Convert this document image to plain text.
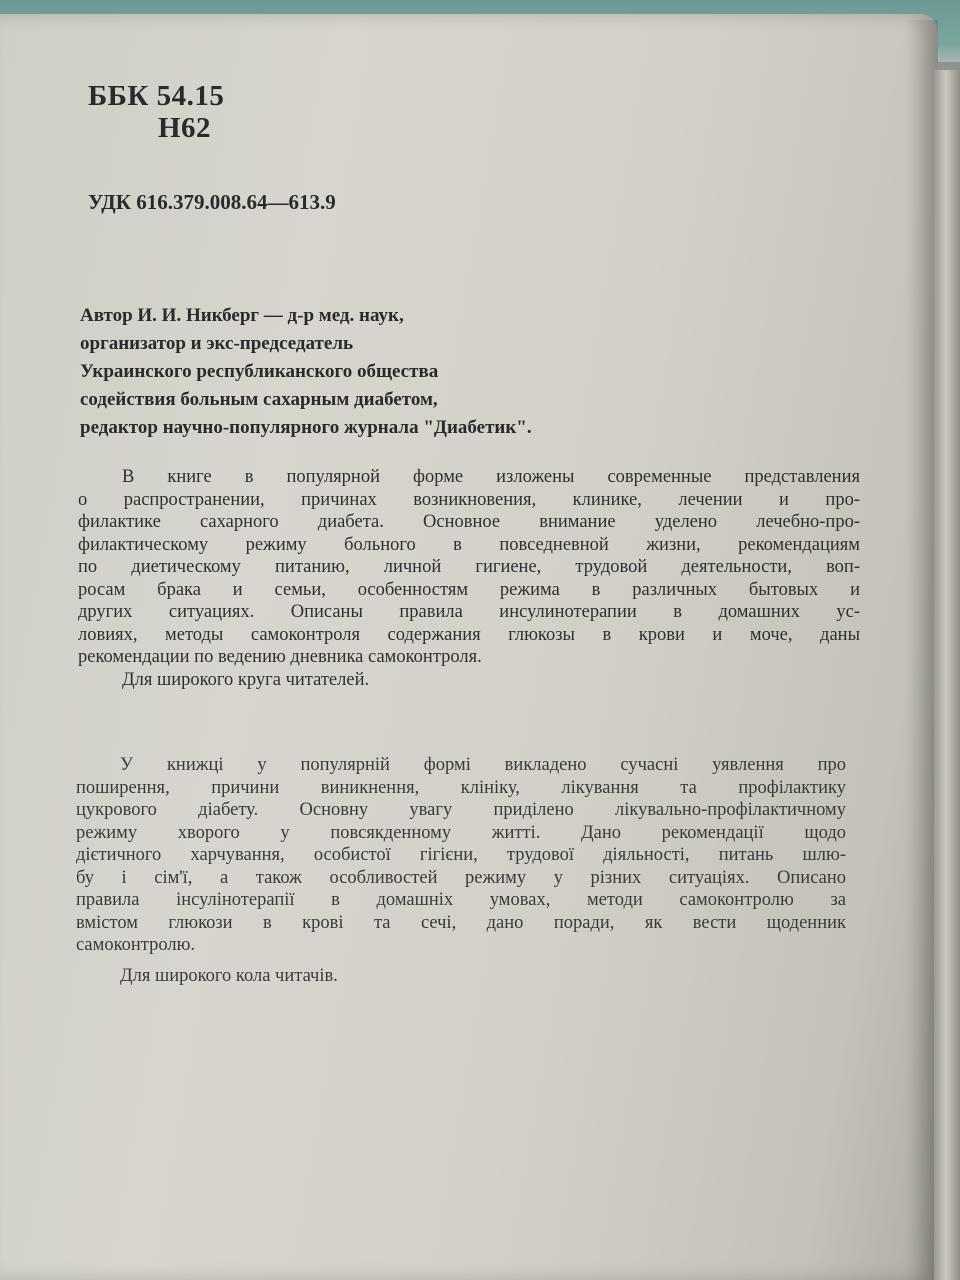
ББК 54.15

Н62

УДК 616.379.008.64—613.9

Автор И. И. Никберг — д-р мед. наук,
организатор и экс-председатель
Украинского республиканского общества
содействия больным сахарным диабетом,
редактор научно-популярного журнала "Диабетик".
В книге в популярной форме изложены современные представления
о распространении, причинах возникновения, клинике, лечении и про-
филактике сахарного диабета. Основное внимание уделено лечебно-про-
филактическому режиму больного в повседневной жизни, рекомендациям
по диетическому питанию, личной гигиене, трудовой деятельности, воп-
росам брака и семьи, особенностям режима в различных бытовых и
других ситуациях. Описаны правила инсулинотерапии в домашних ус-
ловиях, методы самоконтроля содержания глюкозы в крови и моче, даны
рекомендации по ведению дневника самоконтроля.
Для широкого круга читателей.
У книжці у популярній формі викладено сучасні уявлення про
поширення, причини виникнення, клініку, лікування та профілактику
цукрового діабету. Основну увагу приділено лікувально-профілактичному
режиму хворого у повсякденному житті. Дано рекомендації щодо
дієтичного харчування, особистої гігієни, трудової діяльності, питань шлю-
бу і сім'ї, а також особливостей режиму у різних ситуаціях. Описано
правила інсулінотерапії в домашніх умовах, методи самоконтролю за
вмістом глюкози в крові та сечі, дано поради, як вести щоденник
самоконтролю.
Для широкого кола читачів.
